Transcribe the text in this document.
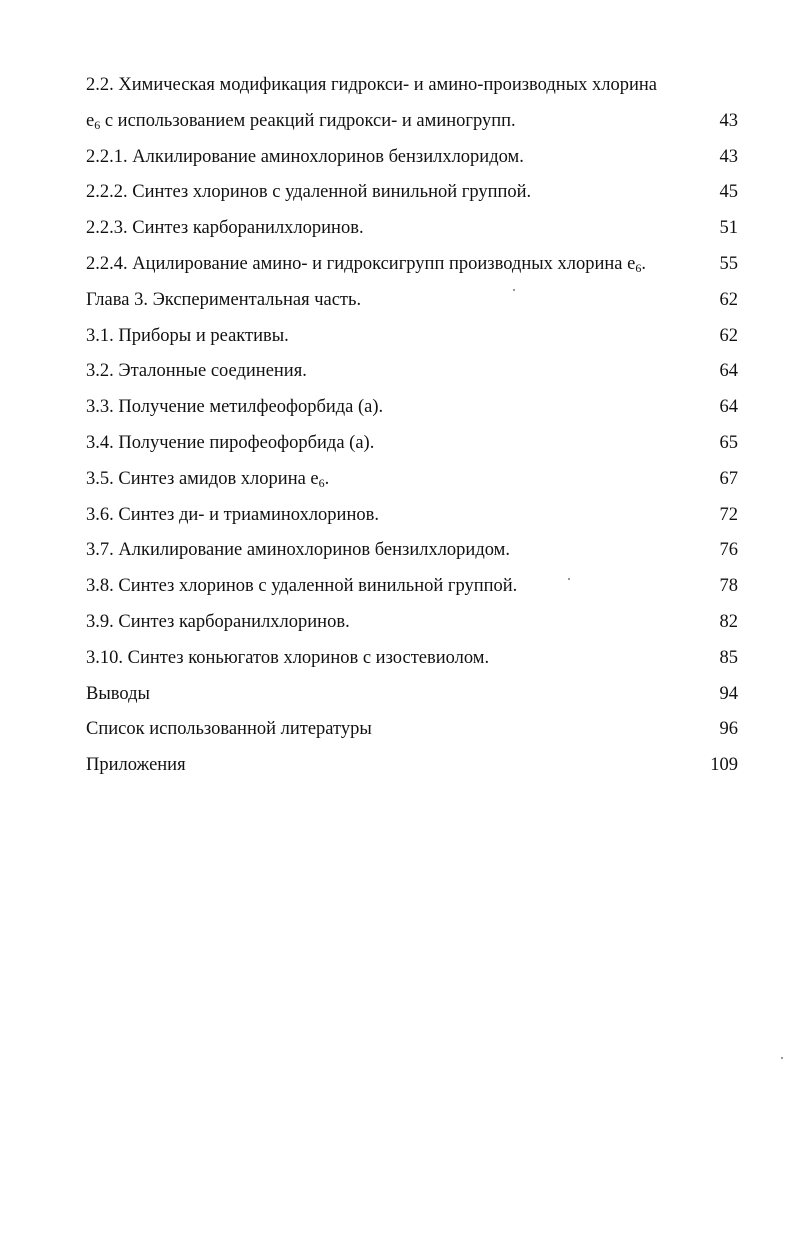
2.2. Химическая модификация гидрокси- и амино-производных хлорина
e6 с использованием реакций гидрокси- и аминогрупп.	43
2.2.1. Алкилирование аминохлоринов бензилхлоридом.	43
2.2.2. Синтез хлоринов с удаленной винильной группой.	45
2.2.3. Синтез карборанилхлоринов.	51
2.2.4. Ацилирование амино- и гидроксигрупп производных хлорина e6.	55
Глава 3. Экспериментальная часть.	62
3.1. Приборы и реактивы.	62
3.2. Эталонные соединения.	64
3.3. Получение метилфеофорбида (а).	64
3.4. Получение пирофеофорбида (а).	65
3.5. Синтез амидов хлорина e6.	67
3.6. Синтез ди- и триаминохлоринов.	72
3.7. Алкилирование аминохлоринов бензилхлоридом.	76
3.8. Синтез хлоринов с удаленной винильной группой.	78
3.9. Синтез карборанилхлоринов.	82
3.10. Синтез коньюгатов хлоринов с изостевиолом.	85
Выводы	94
Список использованной литературы	96
Приложения	109
